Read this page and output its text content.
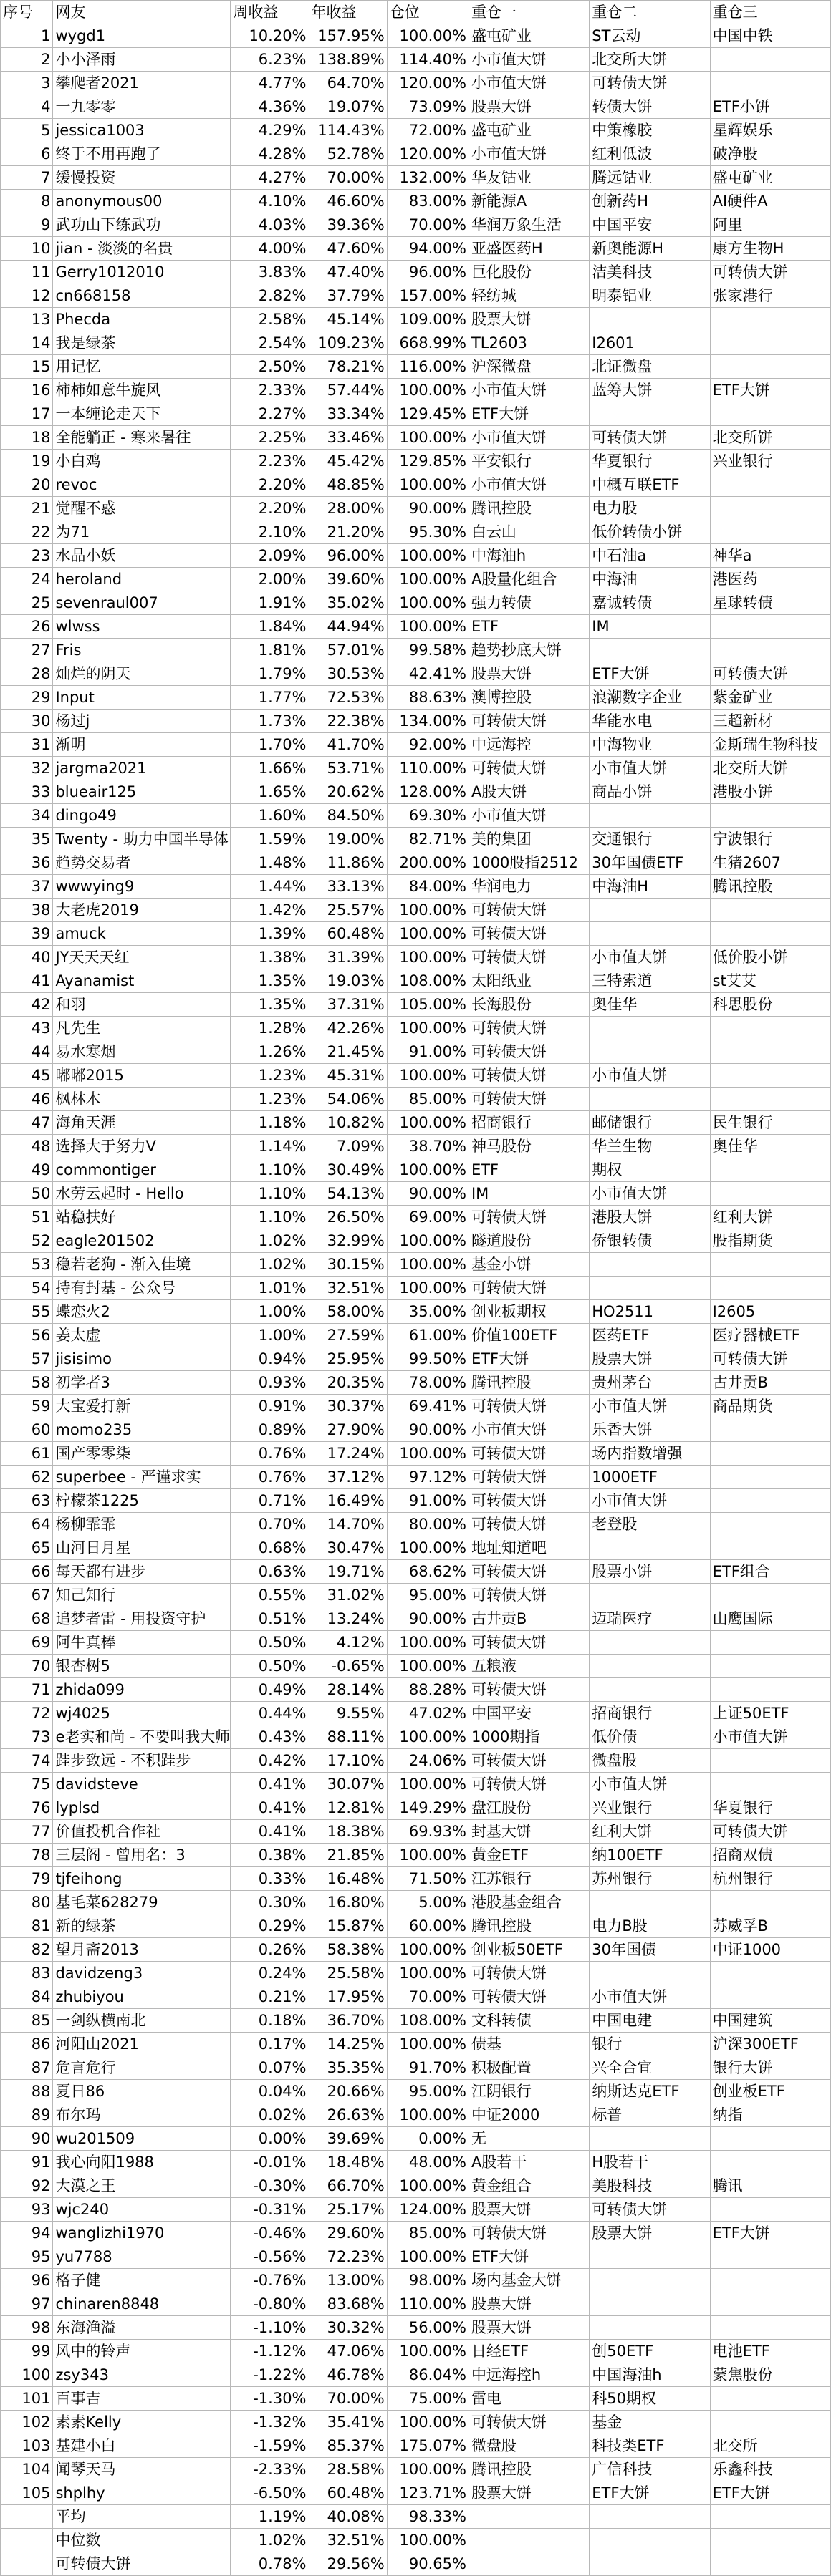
序号	网友	周收益	年收益	仓位	重仓一	重仓二	重仓三
1	wygd1	10.20%	157.95%	100.00%	盛屯矿业	ST云动	中国中铁
2	小小泽雨	6.23%	138.89%	114.40%	小市值大饼	北交所大饼	
3	攀爬者2021	4.77%	64.70%	120.00%	小市值大饼	可转债大饼	
4	一九零零	4.36%	19.07%	73.09%	股票大饼	转债大饼	ETF小饼
5	jessica1003	4.29%	114.43%	72.00%	盛屯矿业	中策橡胶	星辉娱乐
6	终于不用再跑了	4.28%	52.78%	120.00%	小市值大饼	红利低波	破净股
7	缓慢投资	4.27%	70.00%	132.00%	华友钴业	腾远钴业	盛屯矿业
8	anonymous00	4.10%	46.60%	83.00%	新能源A	创新药H	AI硬件A
9	武功山下练武功	4.03%	39.36%	70.00%	华润万象生活	中国平安	阿里
10	jian - 淡淡的名贵	4.00%	47.60%	94.00%	亚盛医药H	新奥能源H	康方生物H
11	Gerry1012010	3.83%	47.40%	96.00%	巨化股份	洁美科技	可转债大饼
12	cn668158	2.82%	37.79%	157.00%	轻纺城	明泰铝业	张家港行
13	Phecda	2.58%	45.14%	109.00%	股票大饼		
14	我是绿茶	2.54%	109.23%	668.99%	TL2603	I2601	
15	用记忆	2.50%	78.21%	116.00%	沪深微盘	北证微盘	
16	柿柿如意牛旋风	2.33%	57.44%	100.00%	小市值大饼	蓝筹大饼	ETF大饼
17	一本缠论走天下	2.27%	33.34%	129.45%	ETF大饼		
18	全能躺正 - 寒来暑往	2.25%	33.46%	100.00%	小市值大饼	可转债大饼	北交所饼
19	小白鸡	2.23%	45.42%	129.85%	平安银行	华夏银行	兴业银行
20	revoc	2.20%	48.85%	100.00%	小市值大饼	中概互联ETF	
21	觉醒不惑	2.20%	28.00%	90.00%	腾讯控股	电力股	
22	为71	2.10%	21.20%	95.30%	白云山	低价转债小饼	
23	水晶小妖	2.09%	96.00%	100.00%	中海油h	中石油a	神华a
24	heroland	2.00%	39.60%	100.00%	A股量化组合	中海油	港医药
25	sevenraul007	1.91%	35.02%	100.00%	强力转债	嘉诚转债	星球转债
26	wlwss	1.84%	44.94%	100.00%	ETF	IM	
27	Fris	1.81%	57.01%	99.58%	趋势抄底大饼		
28	灿烂的阴天	1.79%	30.53%	42.41%	股票大饼	ETF大饼	可转债大饼
29	Input	1.77%	72.53%	88.63%	澳博控股	浪潮数字企业	紫金矿业
30	杨过j	1.73%	22.38%	134.00%	可转债大饼	华能水电	三超新材
31	渐明	1.70%	41.70%	92.00%	中远海控	中海物业	金斯瑞生物科技
32	jargma2021	1.66%	53.71%	110.00%	可转债大饼	小市值大饼	北交所大饼
33	blueair125	1.65%	20.62%	128.00%	A股大饼	商品小饼	港股小饼
34	dingo49	1.60%	84.50%	69.30%	小市值大饼		
35	Twenty - 助力中国半导体	1.59%	19.00%	82.71%	美的集团	交通银行	宁波银行
36	趋势交易者	1.48%	11.86%	200.00%	1000股指2512	30年国债ETF	生猪2607
37	wwwying9	1.44%	33.13%	84.00%	华润电力	中海油H	腾讯控股
38	大老虎2019	1.42%	25.57%	100.00%	可转债大饼		
39	amuck	1.39%	60.48%	100.00%	可转债大饼		
40	JY天天天红	1.38%	31.39%	100.00%	可转债大饼	小市值大饼	低价股小饼
41	Ayanamist	1.35%	19.03%	108.00%	太阳纸业	三特索道	st艾艾
42	和羽	1.35%	37.31%	105.00%	长海股份	奥佳华	科思股份
43	凡先生	1.28%	42.26%	100.00%	可转债大饼		
44	易水寒烟	1.26%	21.45%	91.00%	可转债大饼		
45	嘟嘟2015	1.23%	45.31%	100.00%	可转债大饼	小市值大饼	
46	枫林木	1.23%	54.06%	85.00%	可转债大饼		
47	海角天涯	1.18%	10.82%	100.00%	招商银行	邮储银行	民生银行
48	选择大于努力V	1.14%	7.09%	38.70%	神马股份	华兰生物	奥佳华
49	commontiger	1.10%	30.49%	100.00%	ETF	期权	
50	水劳云起时 - Hello	1.10%	54.13%	90.00%	IM	小市值大饼	
51	站稳扶好	1.10%	26.50%	69.00%	可转债大饼	港股大饼	红利大饼
52	eagle201502	1.02%	32.99%	100.00%	隧道股份	侨银转债	股指期货
53	稳若老狗 - 渐入佳境	1.02%	30.15%	100.00%	基金小饼		
54	持有封基 - 公众号	1.01%	32.51%	100.00%	可转债大饼		
55	蝶恋火2	1.00%	58.00%	35.00%	创业板期权	HO2511	I2605
56	姜太虚	1.00%	27.59%	61.00%	价值100ETF	医药ETF	医疗器械ETF
57	jisisimo	0.94%	25.95%	99.50%	ETF大饼	股票大饼	可转债大饼
58	初学者3	0.93%	20.35%	78.00%	腾讯控股	贵州茅台	古井贡B
59	大宝爱打新	0.91%	30.37%	69.41%	可转债大饼	小市值大饼	商品期货
60	momo235	0.89%	27.90%	90.00%	小市值大饼	乐香大饼	
61	国产零零柒	0.76%	17.24%	100.00%	可转债大饼	场内指数增强	
62	superbee - 严谨求实	0.76%	37.12%	97.12%	可转债大饼	1000ETF	
63	柠檬茶1225	0.71%	16.49%	91.00%	可转债大饼	小市值大饼	
64	杨柳霏霏	0.70%	14.70%	80.00%	可转债大饼	老登股	
65	山河日月星	0.68%	30.47%	100.00%	地址知道吧		
66	每天都有进步	0.63%	19.71%	68.62%	可转债大饼	股票小饼	ETF组合
67	知己知行	0.55%	31.02%	95.00%	可转债大饼		
68	追梦者雷 - 用投资守护	0.51%	13.24%	90.00%	古井贡B	迈瑞医疗	山鹰国际
69	阿牛真棒	0.50%	4.12%	100.00%	可转债大饼		
70	银杏树5	0.50%	-0.65%	100.00%	五粮液		
71	zhida099	0.49%	28.14%	88.28%	可转债大饼		
72	wj4025	0.44%	9.55%	47.02%	中国平安	招商银行	上证50ETF
73	e老实和尚 - 不要叫我大师	0.43%	88.11%	100.00%	1000期指	低价债	小市值大饼
74	跬步致远 - 不积跬步	0.42%	17.10%	24.06%	可转债大饼	微盘股	
75	davidsteve	0.41%	30.07%	100.00%	可转债大饼	小市值大饼	
76	lyplsd	0.41%	12.81%	149.29%	盘江股份	兴业银行	华夏银行
77	价值投机合作社	0.41%	18.38%	69.93%	封基大饼	红利大饼	可转债大饼
78	三层阁 - 曾用名：3	0.38%	21.85%	100.00%	黄金ETF	纳100ETF	招商双债
79	tjfeihong	0.33%	16.48%	71.50%	江苏银行	苏州银行	杭州银行
80	基毛菜628279	0.30%	16.80%	5.00%	港股基金组合		
81	新的绿茶	0.29%	15.87%	60.00%	腾讯控股	电力B股	苏威孚B
82	望月斋2013	0.26%	58.38%	100.00%	创业板50ETF	30年国债	中证1000
83	davidzeng3	0.24%	25.58%	100.00%	可转债大饼		
84	zhubiyou	0.21%	17.95%	70.00%	可转债大饼	小市值大饼	
85	一剑纵横南北	0.18%	36.70%	108.00%	文科转债	中国电建	中国建筑
86	河阳山2021	0.17%	14.25%	100.00%	债基	银行	沪深300ETF
87	危言危行	0.07%	35.35%	91.70%	积极配置	兴全合宜	银行大饼
88	夏日86	0.04%	20.66%	95.00%	江阴银行	纳斯达克ETF	创业板ETF
89	布尔玛	0.02%	26.63%	100.00%	中证2000	标普	纳指
90	wu201509	0.00%	39.69%	0.00%	无		
91	我心向阳1988	-0.01%	18.48%	48.00%	A股若干	H股若干	
92	大漠之王	-0.30%	66.70%	100.00%	黄金组合	美股科技	腾讯
93	wjc240	-0.31%	25.17%	124.00%	股票大饼	可转债大饼	
94	wanglizhi1970	-0.46%	29.60%	85.00%	可转债大饼	股票大饼	ETF大饼
95	yu7788	-0.56%	72.23%	100.00%	ETF大饼		
96	格子健	-0.76%	13.00%	98.00%	场内基金大饼		
97	chinaren8848	-0.80%	83.68%	110.00%	股票大饼		
98	东海渔溢	-1.10%	30.32%	56.00%	股票大饼		
99	风中的铃声	-1.12%	47.06%	100.00%	日经ETF	创50ETF	电池ETF
100	zsy343	-1.22%	46.78%	86.04%	中远海控h	中国海油h	蒙焦股份
101	百事吉	-1.30%	70.00%	75.00%	雷电	科50期权	
102	素素Kelly	-1.32%	35.41%	100.00%	可转债大饼	基金	
103	基建小白	-1.59%	85.37%	175.07%	微盘股	科技类ETF	北交所
104	闻琴天马	-2.33%	28.58%	100.00%	腾讯控股	广信科技	乐鑫科技
105	shplhy	-6.50%	60.48%	123.71%	股票大饼	ETF大饼	ETF大饼
	平均	1.19%	40.08%	98.33%			
	中位数	1.02%	32.51%	100.00%			
	可转债大饼	0.78%	29.56%	90.65%			
